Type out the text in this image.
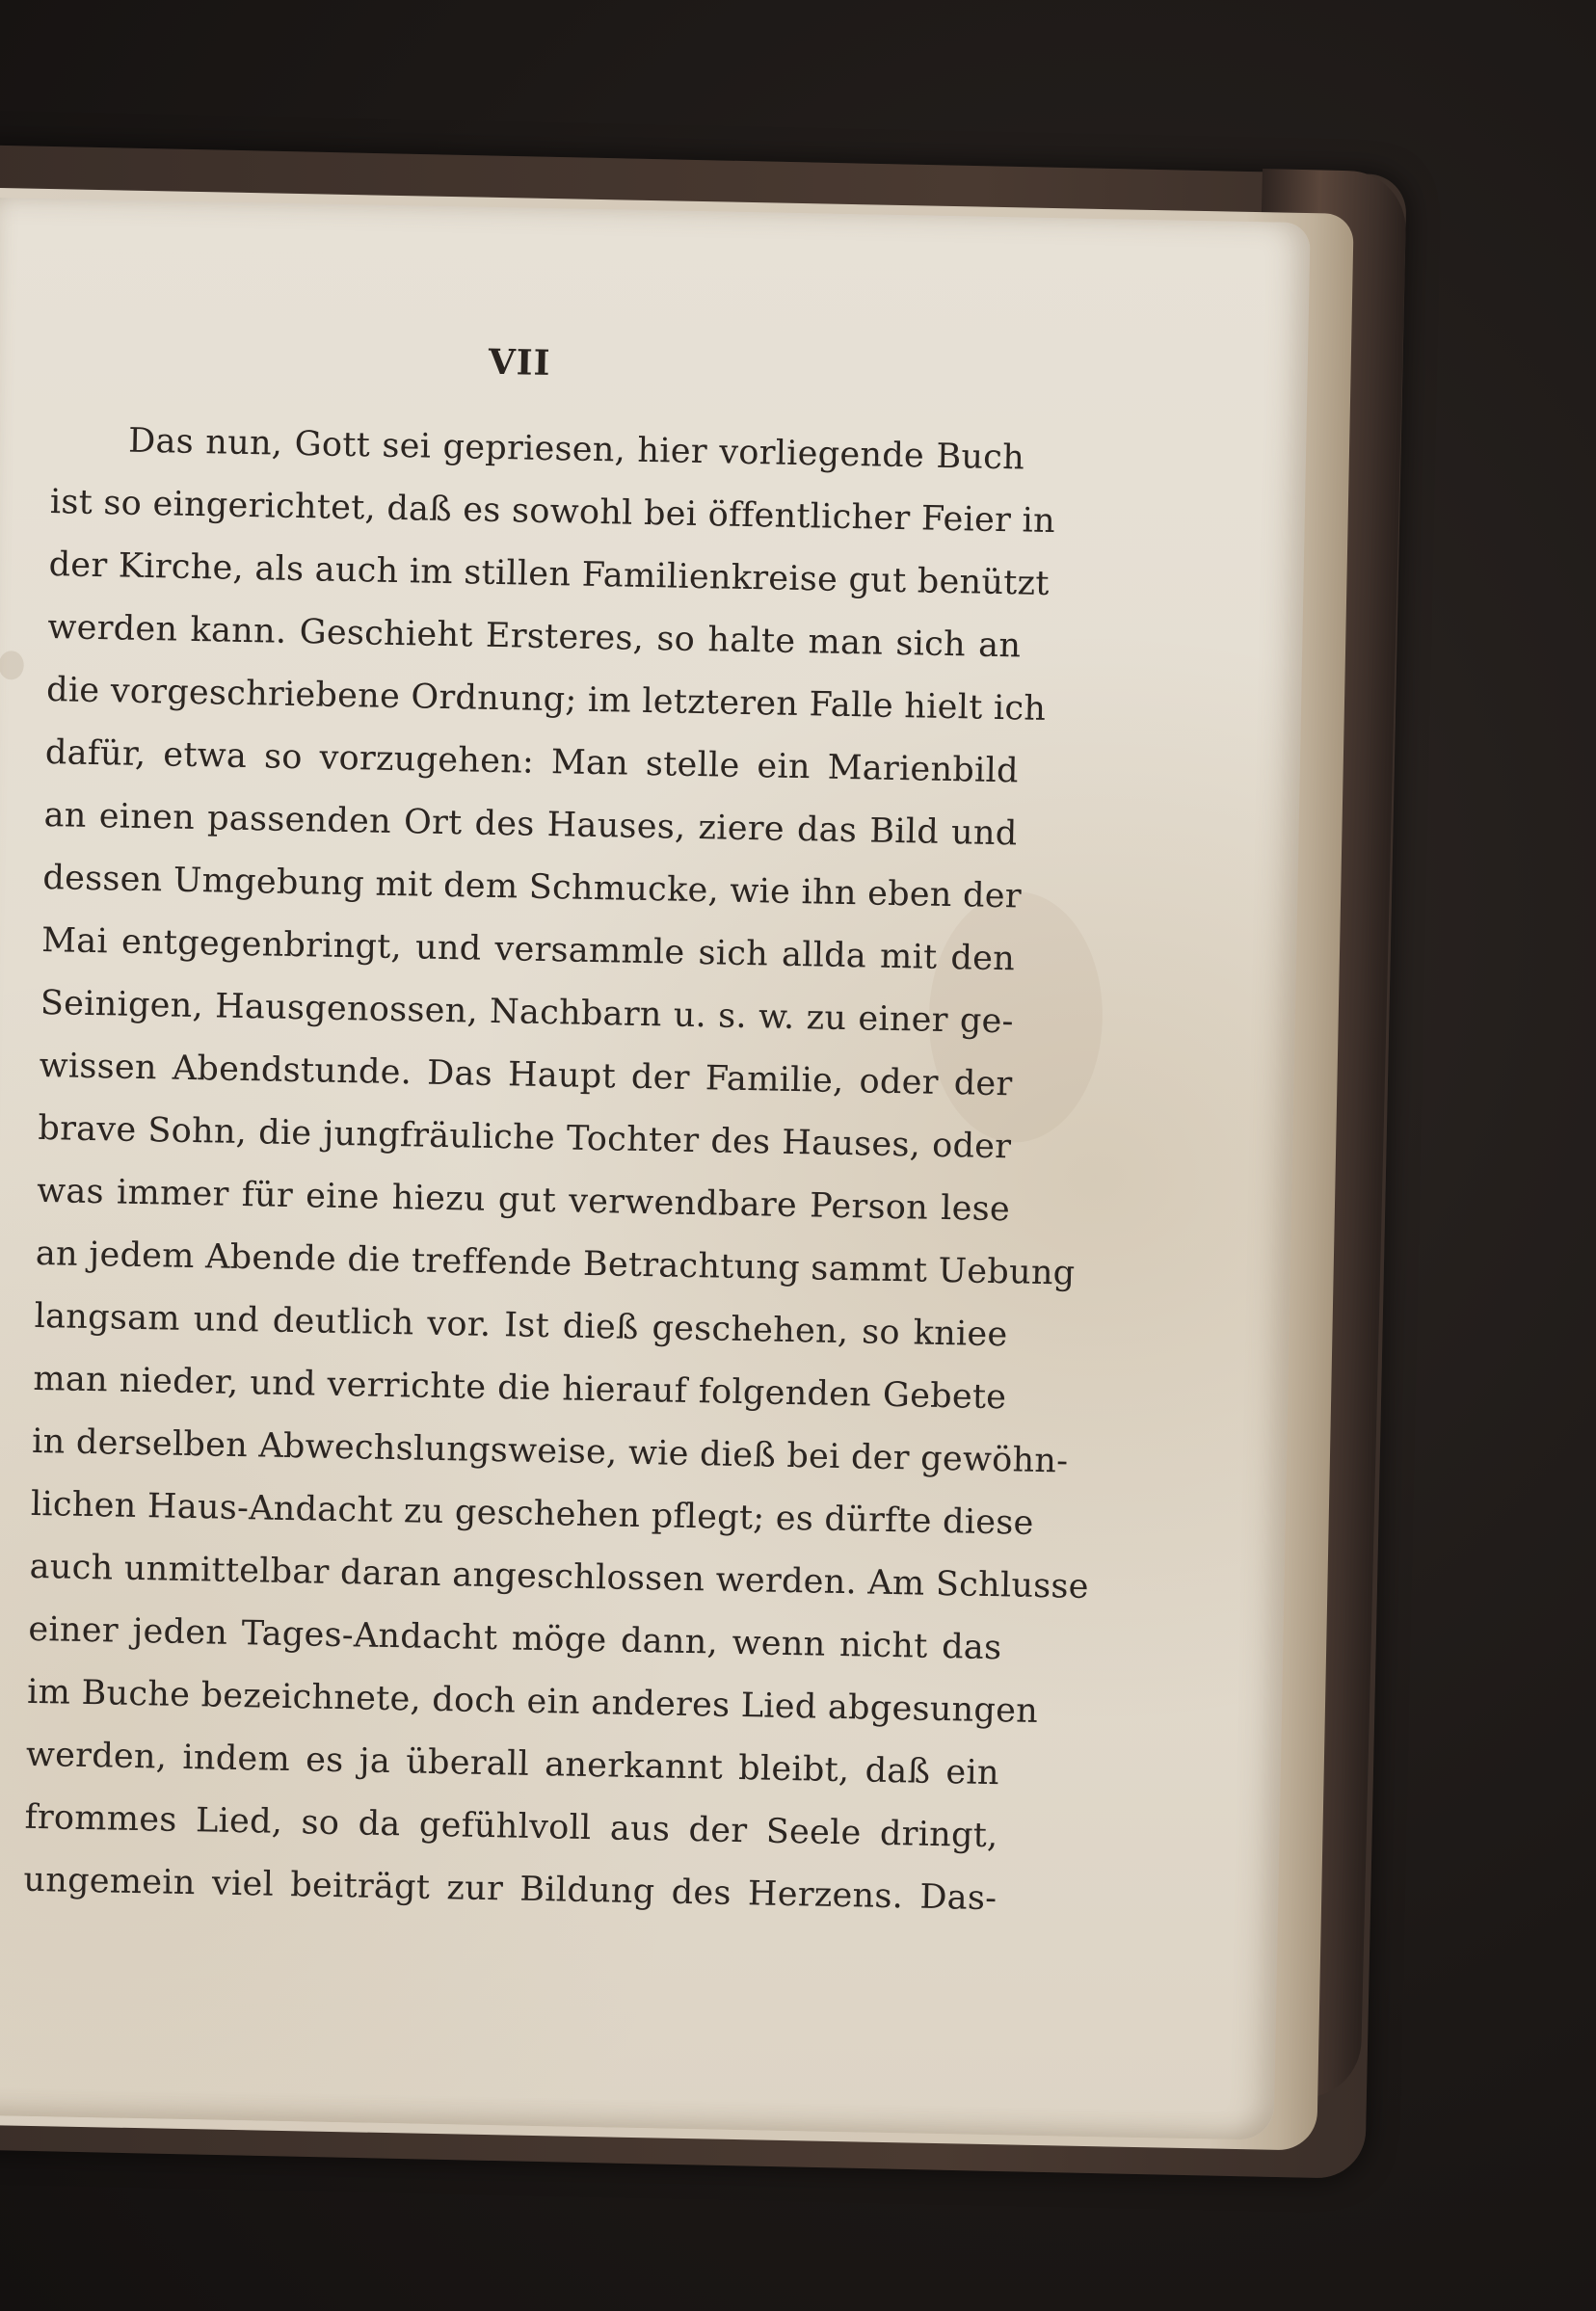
VII
Das nun, Gott sei gepriesen, hier vorliegende Buch
ist so eingerichtet, daß es sowohl bei öffentlicher Feier in
der Kirche, als auch im stillen Familienkreise gut benützt
werden kann. Geschieht Ersteres, so halte man sich an
die vorgeschriebene Ordnung; im letzteren Falle hielt ich
dafür, etwa so vorzugehen: Man stelle ein Marienbild
an einen passenden Ort des Hauses, ziere das Bild und
dessen Umgebung mit dem Schmucke, wie ihn eben der
Mai entgegenbringt, und versammle sich allda mit den
Seinigen, Hausgenossen, Nachbarn u. s. w. zu einer ge-
wissen Abendstunde. Das Haupt der Familie, oder der
brave Sohn, die jungfräuliche Tochter des Hauses, oder
was immer für eine hiezu gut verwendbare Person lese
an jedem Abende die treffende Betrachtung sammt Uebung
langsam und deutlich vor. Ist dieß geschehen, so kniee
man nieder, und verrichte die hierauf folgenden Gebete
in derselben Abwechslungsweise, wie dieß bei der gewöhn-
lichen Haus-Andacht zu geschehen pflegt; es dürfte diese
auch unmittelbar daran angeschlossen werden. Am Schlusse
einer jeden Tages-Andacht möge dann, wenn nicht das
im Buche bezeichnete, doch ein anderes Lied abgesungen
werden, indem es ja überall anerkannt bleibt, daß ein
frommes Lied, so da gefühlvoll aus der Seele dringt,
ungemein viel beiträgt zur Bildung des Herzens. Das-
